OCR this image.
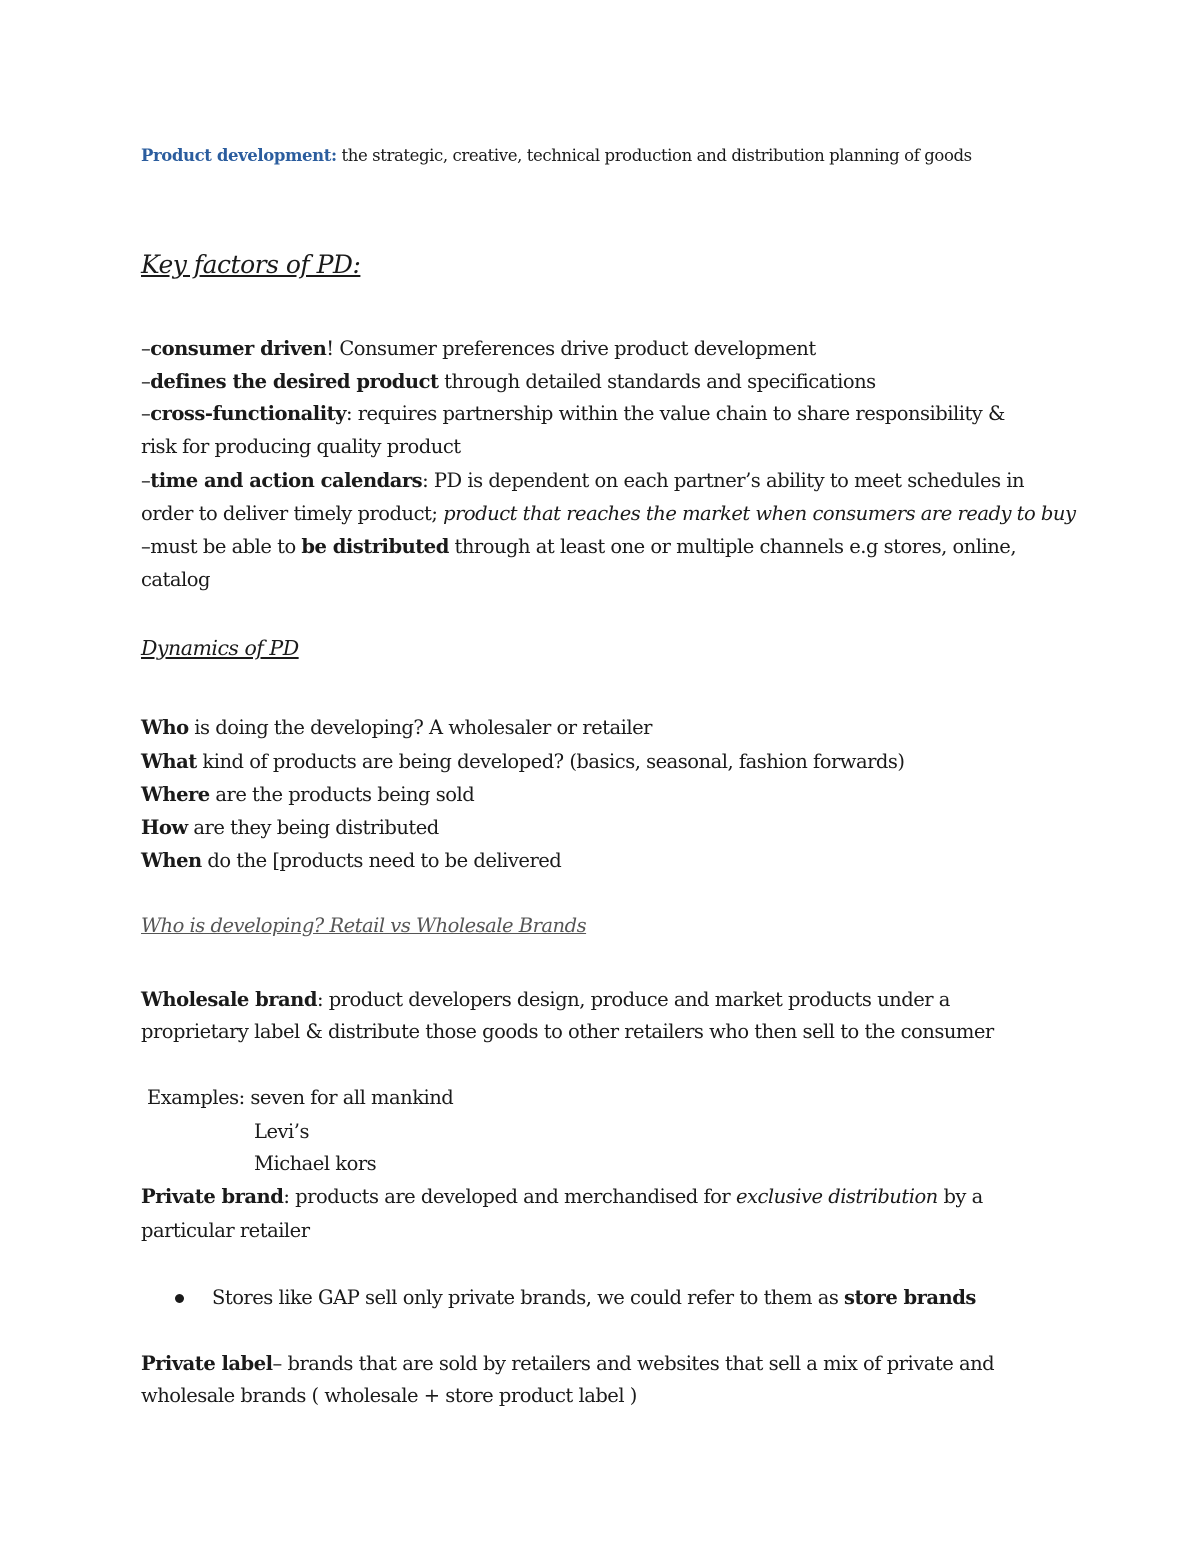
Product development: the strategic, creative, technical production and distribution planning of goods
Key factors of PD:
–consumer driven! Consumer preferences drive product development
–defines the desired product through detailed standards and specifications
–cross-functionality: requires partnership within the value chain to share responsibility &
risk for producing quality product
–time and action calendars: PD is dependent on each partner’s ability to meet schedules in
order to deliver timely product; product that reaches the market when consumers are ready to buy
–must be able to be distributed through at least one or multiple channels e.g stores, online,
catalog
Dynamics of PD
Who is doing the developing? A wholesaler or retailer
What kind of products are being developed? (basics, seasonal, fashion forwards)
Where are the products being sold
How are they being distributed
When do the [products need to be delivered
Who is developing? Retail vs Wholesale Brands
Wholesale brand: product developers design, produce and market products under a
proprietary label & distribute those goods to other retailers who then sell to the consumer
Examples: seven for all mankind
Levi’s
Michael kors
Private brand: products are developed and merchandised for exclusive distribution by a
particular retailer
Stores like GAP sell only private brands, we could refer to them as store brands
Private label– brands that are sold by retailers and websites that sell a mix of private and
wholesale brands ( wholesale + store product label )
